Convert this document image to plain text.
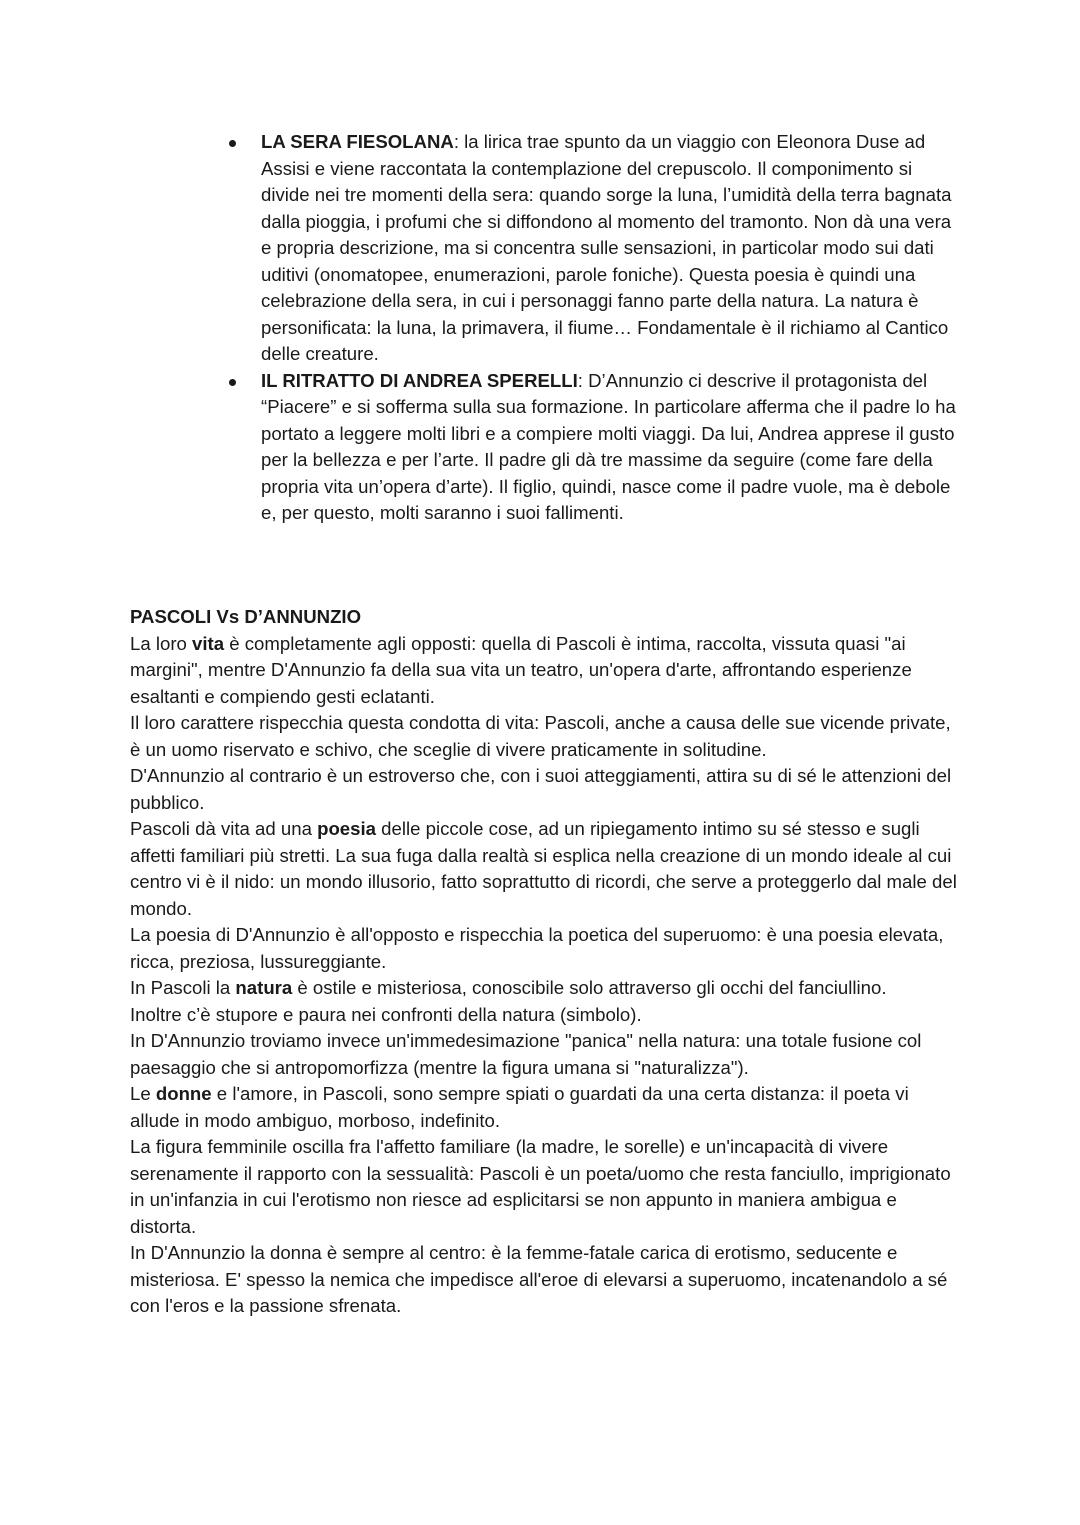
LA SERA FIESOLANA: la lirica trae spunto da un viaggio con Eleonora Duse ad Assisi e viene raccontata la contemplazione del crepuscolo. Il componimento si divide nei tre momenti della sera: quando sorge la luna, l’umidità della terra bagnata dalla pioggia, i profumi che si diffondono al momento del tramonto. Non dà una vera e propria descrizione, ma si concentra sulle sensazioni, in particolar modo sui dati uditivi (onomatopee, enumerazioni, parole foniche). Questa poesia è quindi una celebrazione della sera, in cui i personaggi fanno parte della natura. La natura è personificata: la luna, la primavera, il fiume… Fondamentale è il richiamo al Cantico delle creature.
IL RITRATTO DI ANDREA SPERELLI: D’Annunzio ci descrive il protagonista del “Piacere” e si sofferma sulla sua formazione. In particolare afferma che il padre lo ha portato a leggere molti libri e a compiere molti viaggi. Da lui, Andrea apprese il gusto per la bellezza e per l’arte. Il padre gli dà tre massime da seguire (come fare della propria vita un’opera d’arte). Il figlio, quindi, nasce come il padre vuole, ma è debole e, per questo, molti saranno i suoi fallimenti.

PASCOLI Vs D’ANNUNZIO

La loro vita è completamente agli opposti: quella di Pascoli è intima, raccolta, vissuta quasi "ai margini", mentre D'Annunzio fa della sua vita un teatro, un'opera d'arte, affrontando esperienze esaltanti e compiendo gesti eclatanti.

Il loro carattere rispecchia questa condotta di vita: Pascoli, anche a causa delle sue vicende private, è un uomo riservato e schivo, che sceglie di vivere praticamente in solitudine.

D'Annunzio al contrario è un estroverso che, con i suoi atteggiamenti, attira su di sé le attenzioni del pubblico.

Pascoli dà vita ad una poesia delle piccole cose, ad un ripiegamento intimo su sé stesso e sugli affetti familiari più stretti. La sua fuga dalla realtà si esplica nella creazione di un mondo ideale al cui centro vi è il nido: un mondo illusorio, fatto soprattutto di ricordi, che serve a proteggerlo dal male del mondo.

La poesia di D'Annunzio è all'opposto e rispecchia la poetica del superuomo: è una poesia elevata, ricca, preziosa, lussureggiante.

In Pascoli la natura è ostile e misteriosa, conoscibile solo attraverso gli occhi del fanciullino.

Inoltre c’è stupore e paura nei confronti della natura (simbolo).

In D'Annunzio troviamo invece un'immedesimazione "panica" nella natura: una totale fusione col paesaggio che si antropomorfizza (mentre la figura umana si "naturalizza").

Le donne e l'amore, in Pascoli, sono sempre spiati o guardati da una certa distanza: il poeta vi allude in modo ambiguo, morboso, indefinito.

La figura femminile oscilla fra l'affetto familiare (la madre, le sorelle) e un'incapacità di vivere serenamente il rapporto con la sessualità: Pascoli è un poeta/uomo che resta fanciullo, imprigionato in un'infanzia in cui l'erotismo non riesce ad esplicitarsi se non appunto in maniera ambigua e distorta.

In D'Annunzio la donna è sempre al centro: è la femme-fatale carica di erotismo, seducente e misteriosa. E' spesso la nemica che impedisce all'eroe di elevarsi a superuomo, incatenandolo a sé con l'eros e la passione sfrenata.
